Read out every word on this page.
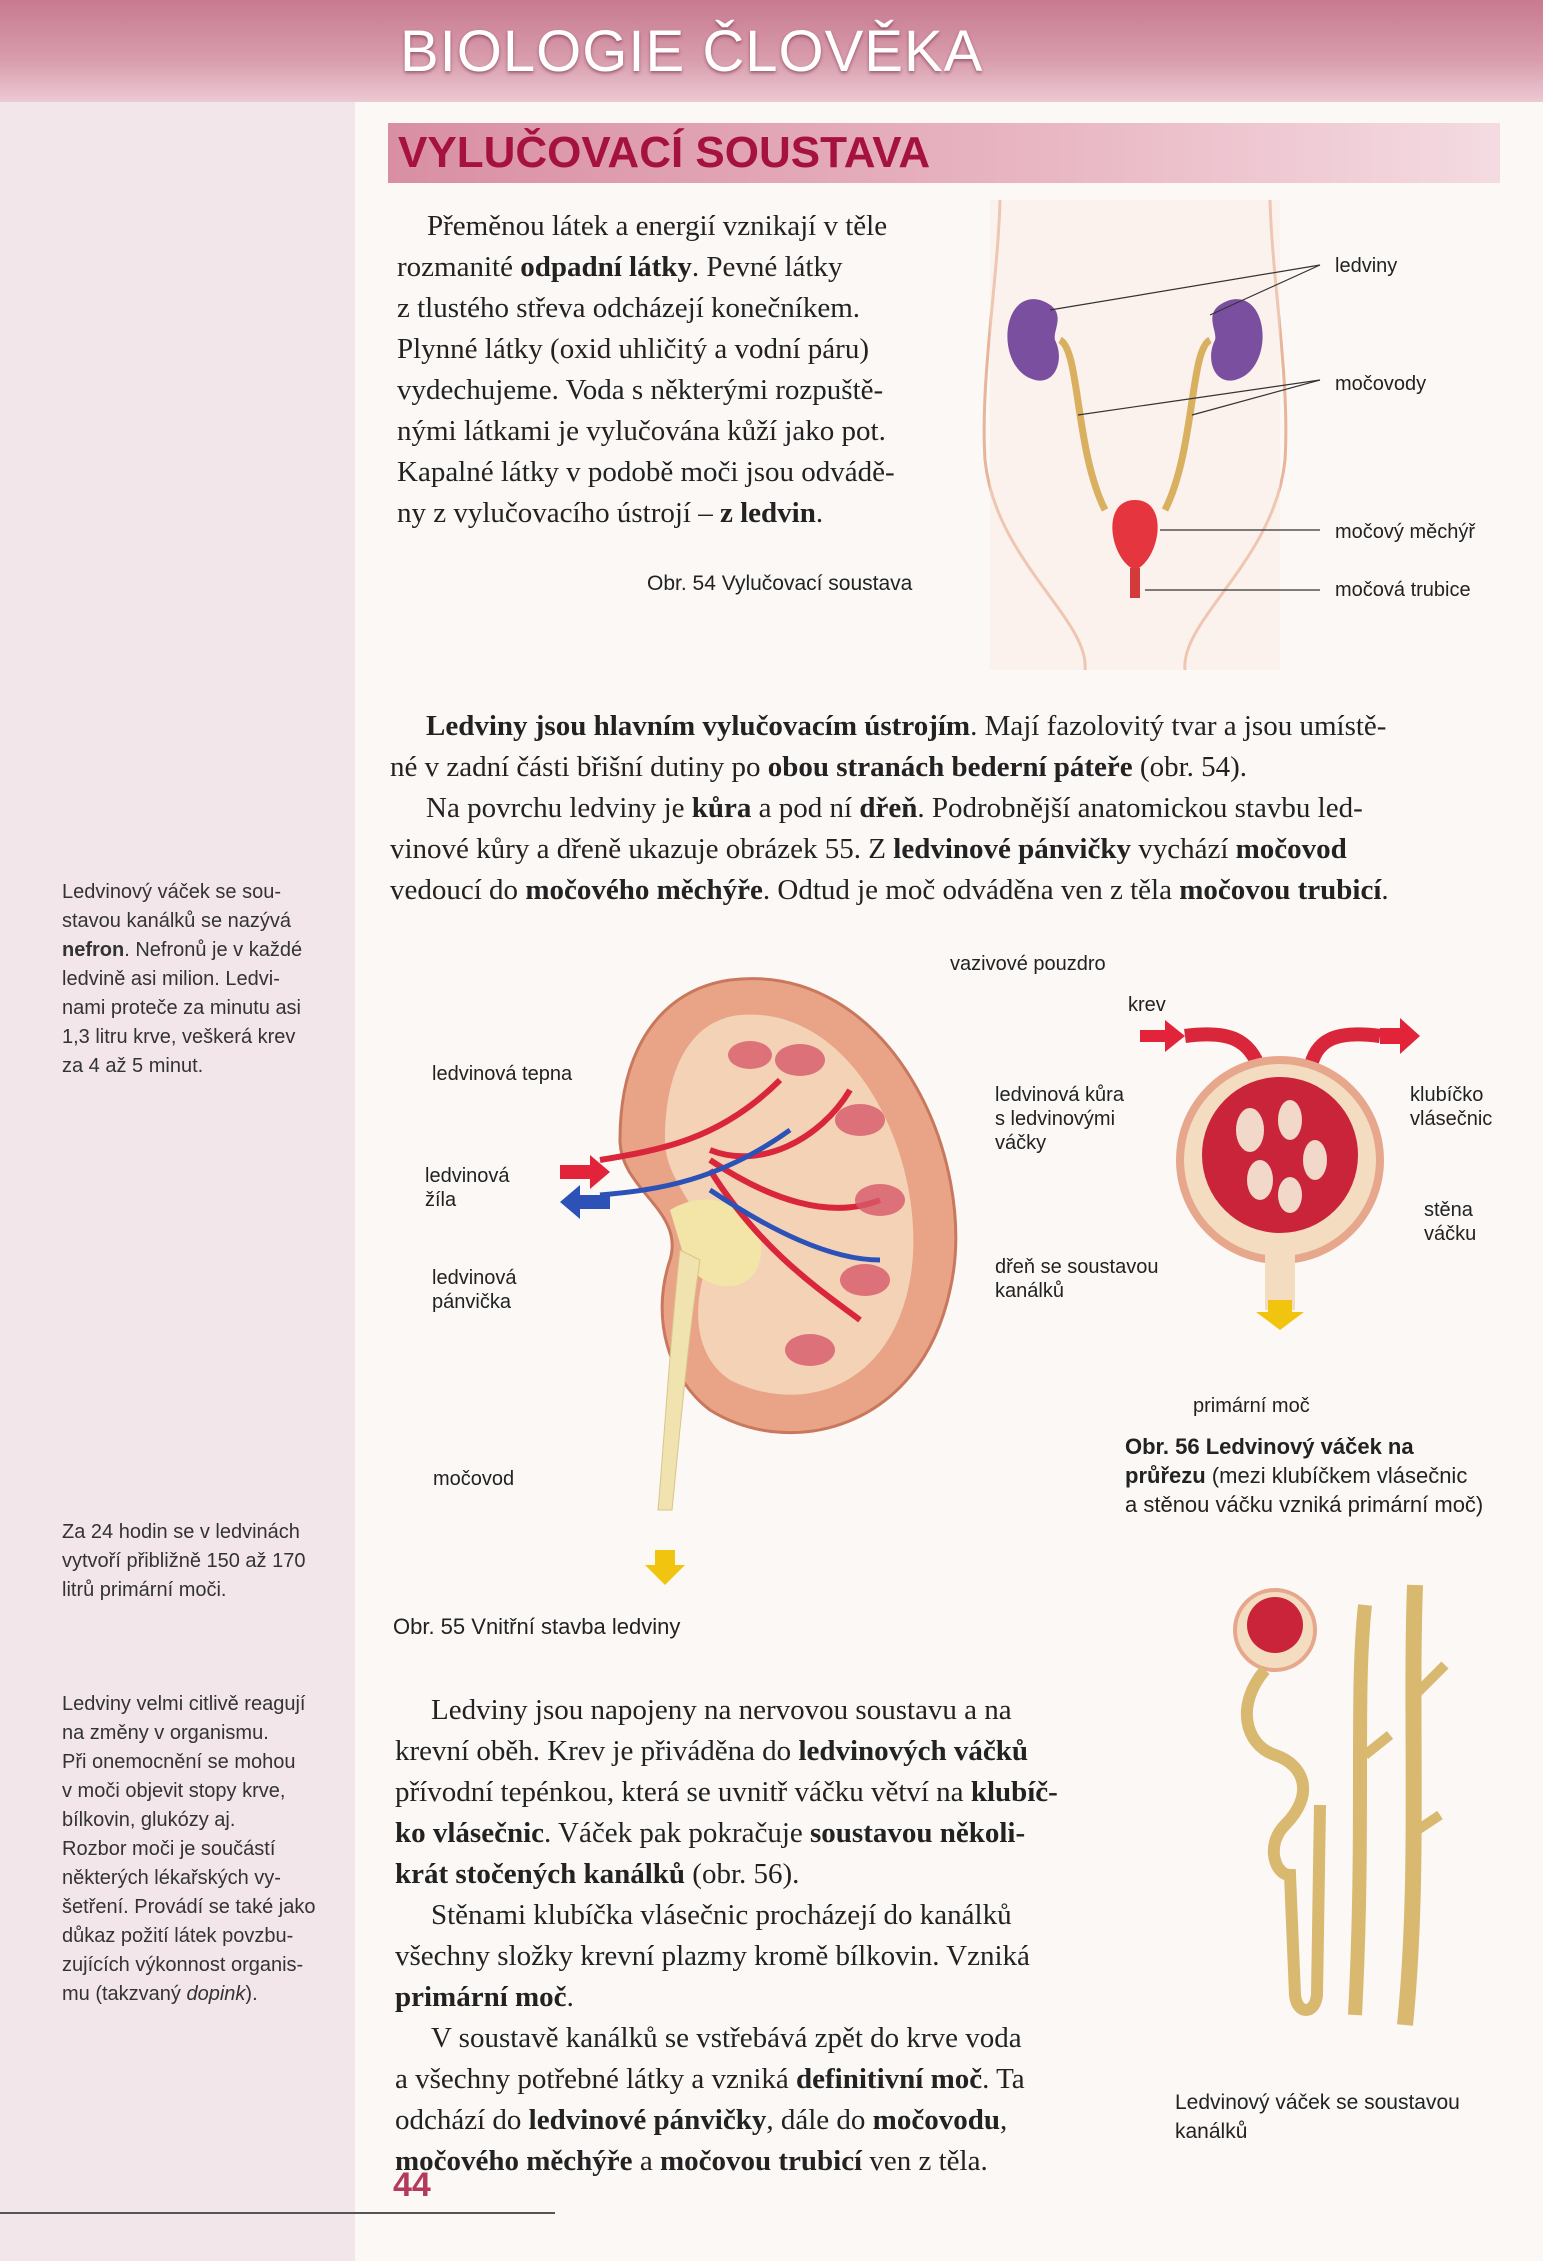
BIOLOGIE ČLOVĚKA
VYLUČOVACÍ SOUSTAVA
Přeměnou látek a energií vznikají v těle
rozmanité odpadní látky. Pevné látky
z tlustého střeva odcházejí konečníkem.
Plynné látky (oxid uhličitý a vodní páru)
vydechujeme. Voda s některými rozpuště-
nými látkami je vylučována kůží jako pot.
Kapalné látky v podobě moči jsou odvádě-
ny z vylučovacího ústrojí – z ledvin.
ledviny
močovody
močový měchýř
močová trubice
Obr. 54 Vylučovací soustava
Ledviny jsou hlavním vylučovacím ústrojím. Mají fazolovitý tvar a jsou umístě-
né v zadní části břišní dutiny po obou stranách bederní páteře (obr. 54).
Na povrchu ledviny je kůra a pod ní dřeň. Podrobnější anatomickou stavbu led-
vinové kůry a dřeně ukazuje obrázek 55. Z ledvinové pánvičky vychází močovod
vedoucí do močového měchýře. Odtud je moč odváděna ven z těla močovou trubicí.
Ledvinový váček se sou-
stavou kanálků se nazývá
nefron. Nefronů je v každé
ledvině asi milion. Ledvi-
nami proteče za minutu asi
1,3 litru krve, veškerá krev
za 4 až 5 minut.
Za 24 hodin se v ledvinách
vytvoří přibližně 150 až 170
litrů primární moči.
Ledviny velmi citlivě reagují
na změny v organismu.
Při onemocnění se mohou
v moči objevit stopy krve,
bílkovin, glukózy aj.
Rozbor moči je součástí
některých lékařských vy-
šetření. Provádí se také jako
důkaz požití látek povzbu-
zujících výkonnost organis-
mu (takzvaný dopink).
vazivové pouzdro
ledvinová tepna
ledvinová
žíla
ledvinová kůra
s ledvinovými
váčky
dřeň se soustavou
kanálků
ledvinová
pánvička
močovod
Obr. 55 Vnitřní stavba ledviny
krev
klubíčko
vlásečnic
stěna
váčku
primární moč
Obr. 56 Ledvinový váček na
průřezu (mezi klubíčkem vlásečnic
a stěnou váčku vzniká primární moč)
Ledvinový váček se soustavou
kanálků
Ledviny jsou napojeny na nervovou soustavu a na
krevní oběh. Krev je přiváděna do ledvinových váčků
přívodní tepénkou, která se uvnitř váčku větví na klubíč-
ko vlásečnic. Váček pak pokračuje soustavou několi-
krát stočených kanálků (obr. 56).
Stěnami klubíčka vlásečnic procházejí do kanálků
všechny složky krevní plazmy kromě bílkovin. Vzniká
primární moč.
V soustavě kanálků se vstřebává zpět do krve voda
a všechny potřebné látky a vzniká definitivní moč. Ta
odchází do ledvinové pánvičky, dále do močovodu,
močového měchýře a močovou trubicí ven z těla.
44
